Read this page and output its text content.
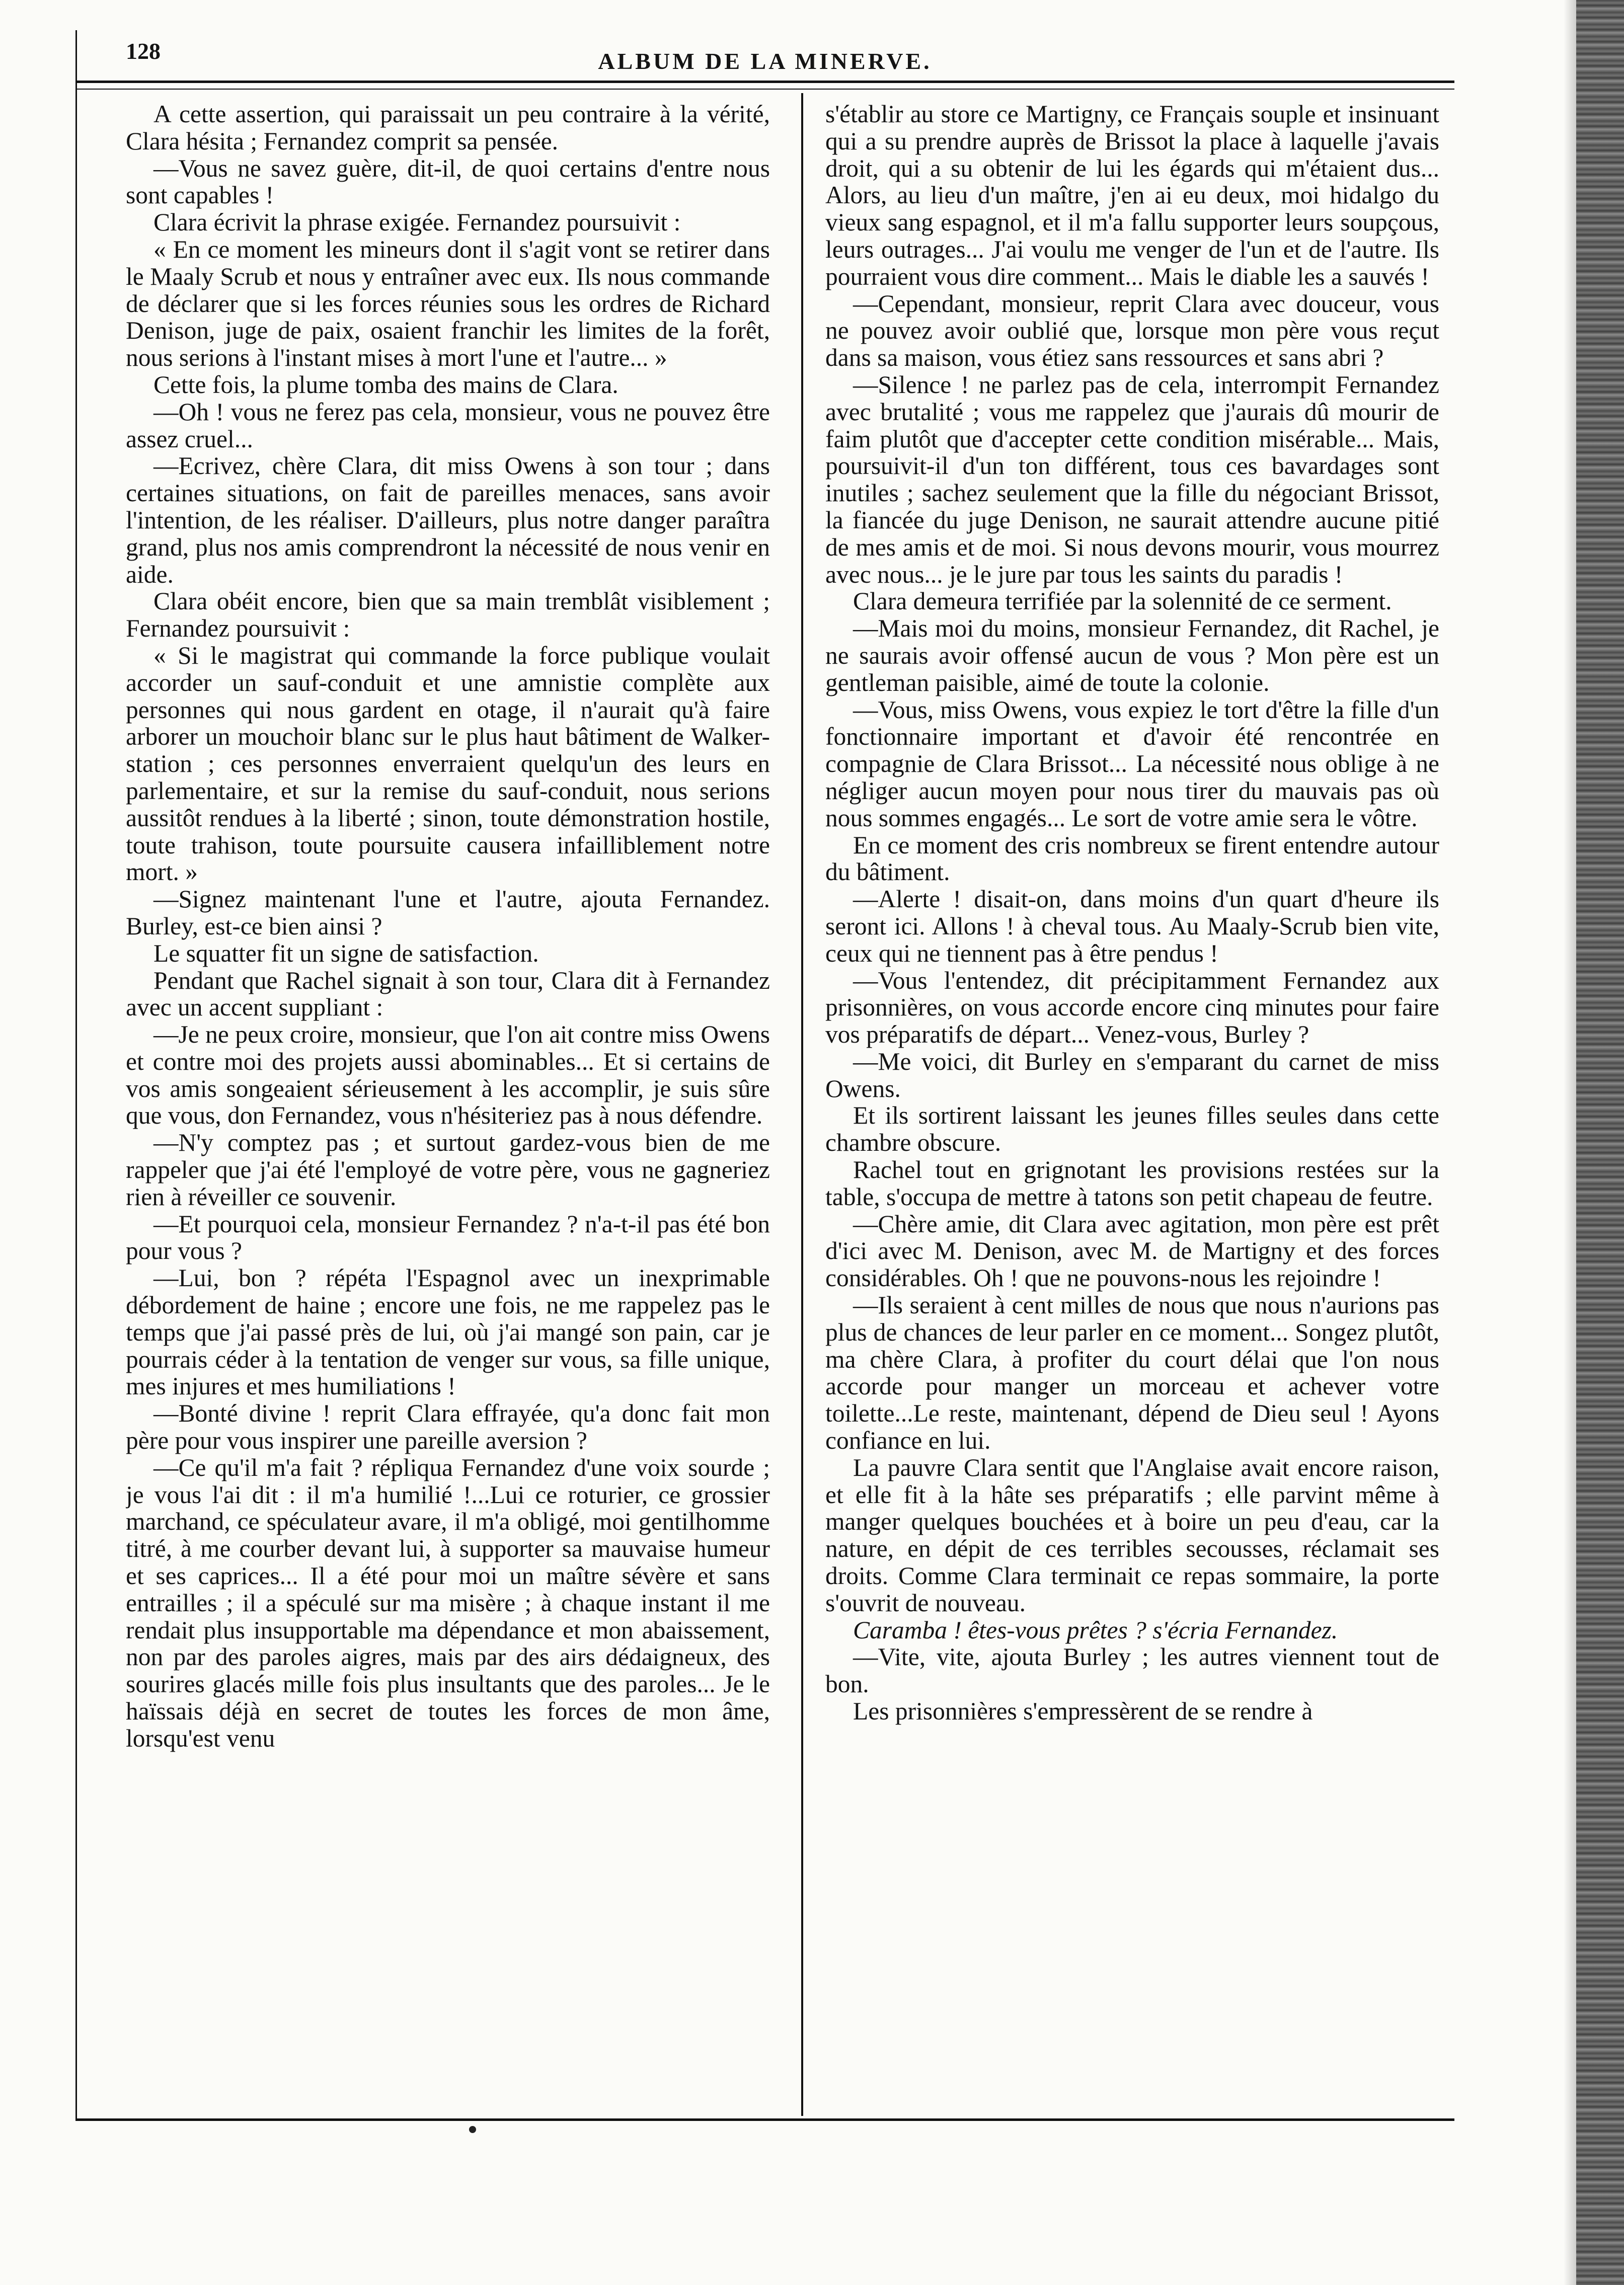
128	ALBUM DE LA MINERVE.

A cette assertion, qui paraissait un peu contraire à la vérité, Clara hésita ; Fernandez comprit sa pensée.

—Vous ne savez guère, dit-il, de quoi certains d'entre nous sont capables !

Clara écrivit la phrase exigée. Fernandez poursuivit :

« En ce moment les mineurs dont il s'agit vont se retirer dans le Maaly Scrub et nous y entraîner avec eux. Ils nous commande de déclarer que si les forces réunies sous les ordres de Richard Denison, juge de paix, osaient franchir les limites de la forêt, nous serions à l'instant mises à mort l'une et l'autre... »

Cette fois, la plume tomba des mains de Clara.

—Oh ! vous ne ferez pas cela, monsieur, vous ne pouvez être assez cruel...

—Ecrivez, chère Clara, dit miss Owens à son tour ; dans certaines situations, on fait de pareilles menaces, sans avoir l'intention, de les réaliser. D'ailleurs, plus notre danger paraîtra grand, plus nos amis comprendront la nécessité de nous venir en aide.

Clara obéit encore, bien que sa main tremblât visiblement ; Fernandez poursuivit :

« Si le magistrat qui commande la force publique voulait accorder un sauf-conduit et une amnistie complète aux personnes qui nous gardent en otage, il n'aurait qu'à faire arborer un mouchoir blanc sur le plus haut bâtiment de Walker-station ; ces personnes enverraient quelqu'un des leurs en parlementaire, et sur la remise du sauf-conduit, nous serions aussitôt rendues à la liberté ; sinon, toute démonstration hostile, toute trahison, toute poursuite causera infailliblement notre mort. »

—Signez maintenant l'une et l'autre, ajouta Fernandez. Burley, est-ce bien ainsi ?

Le squatter fit un signe de satisfaction.

Pendant que Rachel signait à son tour, Clara dit à Fernandez avec un accent suppliant :

—Je ne peux croire, monsieur, que l'on ait contre miss Owens et contre moi des projets aussi abominables... Et si certains de vos amis songeaient sérieusement à les accomplir, je suis sûre que vous, don Fernandez, vous n'hésiteriez pas à nous défendre.

—N'y comptez pas ; et surtout gardez-vous bien de me rappeler que j'ai été l'employé de votre père, vous ne gagneriez rien à réveiller ce souvenir.

—Et pourquoi cela, monsieur Fernandez ? n'a-t-il pas été bon pour vous ?

—Lui, bon ? répéta l'Espagnol avec un inexprimable débordement de haine ; encore une fois, ne me rappelez pas le temps que j'ai passé près de lui, où j'ai mangé son pain, car je pourrais céder à la tentation de venger sur vous, sa fille unique, mes injures et mes humiliations !

—Bonté divine ! reprit Clara effrayée, qu'a donc fait mon père pour vous inspirer une pareille aversion ?

—Ce qu'il m'a fait ? répliqua Fernandez d'une voix sourde ; je vous l'ai dit : il m'a humilié !...Lui ce roturier, ce grossier marchand, ce spéculateur avare, il m'a obligé, moi gentilhomme titré, à me courber devant lui, à supporter sa mauvaise humeur et ses caprices... Il a été pour moi un maître sévère et sans entrailles ; il a spéculé sur ma misère ; à chaque instant il me rendait plus insupportable ma dépendance et mon abaissement, non par des paroles aigres, mais par des airs dédaigneux, des sourires glacés mille fois plus insultants que des paroles... Je le haïssais déjà en secret de toutes les forces de mon âme, lorsqu'est venu

s'établir au store ce Martigny, ce Français souple et insinuant qui a su prendre auprès de Brissot la place à laquelle j'avais droit, qui a su obtenir de lui les égards qui m'étaient dus... Alors, au lieu d'un maître, j'en ai eu deux, moi hidalgo du vieux sang espagnol, et il m'a fallu supporter leurs soupçous, leurs outrages... J'ai voulu me venger de l'un et de l'autre. Ils pourraient vous dire comment... Mais le diable les a sauvés !

—Cependant, monsieur, reprit Clara avec douceur, vous ne pouvez avoir oublié que, lorsque mon père vous reçut dans sa maison, vous étiez sans ressources et sans abri ?

—Silence ! ne parlez pas de cela, interrompit Fernandez avec brutalité ; vous me rappelez que j'aurais dû mourir de faim plutôt que d'accepter cette condition misérable... Mais, poursuivit-il d'un ton différent, tous ces bavardages sont inutiles ; sachez seulement que la fille du négociant Brissot, la fiancée du juge Denison, ne saurait attendre aucune pitié de mes amis et de moi. Si nous devons mourir, vous mourrez avec nous... je le jure par tous les saints du paradis !

Clara demeura terrifiée par la solennité de ce serment.

—Mais moi du moins, monsieur Fernandez, dit Rachel, je ne saurais avoir offensé aucun de vous ? Mon père est un gentleman paisible, aimé de toute la colonie.

—Vous, miss Owens, vous expiez le tort d'être la fille d'un fonctionnaire important et d'avoir été rencontrée en compagnie de Clara Brissot... La nécessité nous oblige à ne négliger aucun moyen pour nous tirer du mauvais pas où nous sommes engagés... Le sort de votre amie sera le vôtre.

En ce moment des cris nombreux se firent entendre autour du bâtiment.

—Alerte ! disait-on, dans moins d'un quart d'heure ils seront ici. Allons ! à cheval tous. Au Maaly-Scrub bien vite, ceux qui ne tiennent pas à être pendus !

—Vous l'entendez, dit précipitamment Fernandez aux prisonnières, on vous accorde encore cinq minutes pour faire vos préparatifs de départ... Venez-vous, Burley ?

—Me voici, dit Burley en s'emparant du carnet de miss Owens.

Et ils sortirent laissant les jeunes filles seules dans cette chambre obscure.

Rachel tout en grignotant les provisions restées sur la table, s'occupa de mettre à tatons son petit chapeau de feutre.

—Chère amie, dit Clara avec agitation, mon père est prêt d'ici avec M. Denison, avec M. de Martigny et des forces considérables. Oh ! que ne pouvons-nous les rejoindre !

—Ils seraient à cent milles de nous que nous n'aurions pas plus de chances de leur parler en ce moment... Songez plutôt, ma chère Clara, à profiter du court délai que l'on nous accorde pour manger un morceau et achever votre toilette...Le reste, maintenant, dépend de Dieu seul ! Ayons confiance en lui.

La pauvre Clara sentit que l'Anglaise avait encore raison, et elle fit à la hâte ses préparatifs ; elle parvint même à manger quelques bouchées et à boire un peu d'eau, car la nature, en dépit de ces terribles secousses, réclamait ses droits. Comme Clara terminait ce repas sommaire, la porte s'ouvrit de nouveau.

Caramba ! êtes-vous prêtes ? s'écria Fernandez.

—Vite, vite, ajouta Burley ; les autres viennent tout de bon.

Les prisonnières s'empressèrent de se rendre à
